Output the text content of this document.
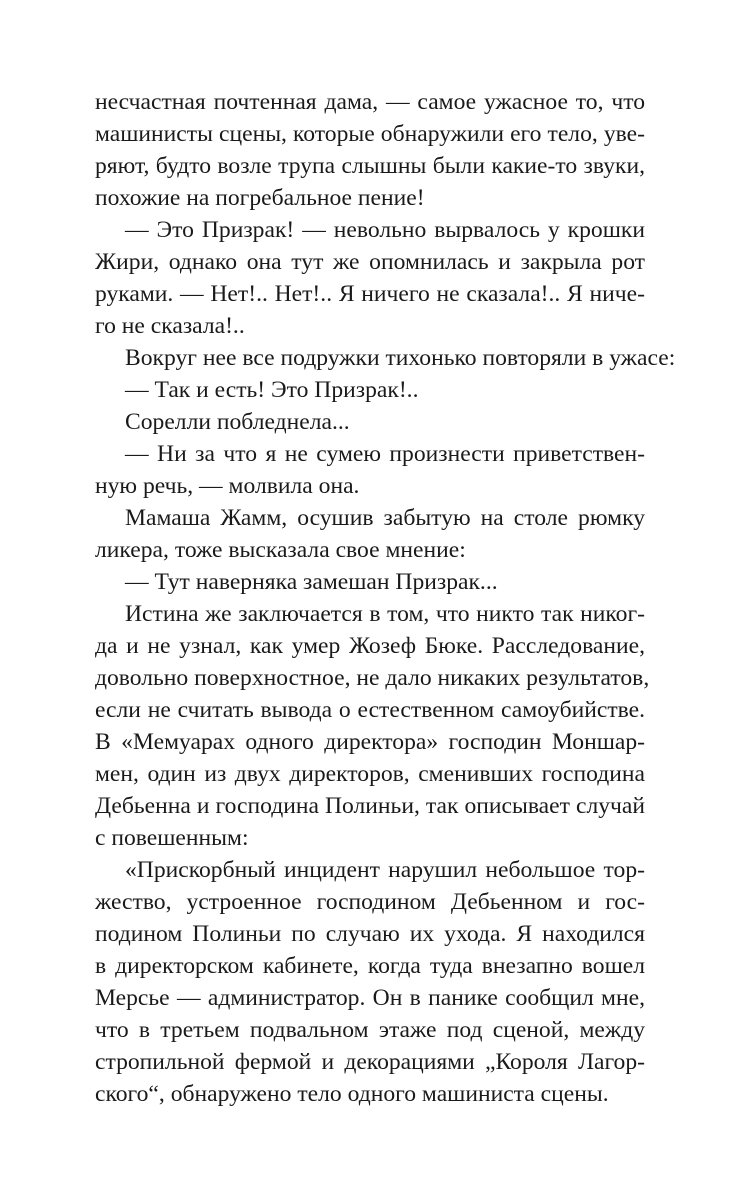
несчастная почтенная дама, — самое ужасное то, что
машинисты сцены, которые обнаружили его тело, уве-
ряют, будто возле трупа слышны были какие-то звуки,
похожие на погребальное пение!
— Это Призрак! — невольно вырвалось у крошки
Жири, однако она тут же опомнилась и закрыла рот
руками. — Нет!.. Нет!.. Я ничего не сказала!.. Я ниче-
го не сказала!..
Вокруг нее все подружки тихонько повторяли в ужасе:
— Так и есть! Это Призрак!..
Сорелли побледнела...
— Ни за что я не сумею произнести приветствен-
ную речь, — молвила она.
Мамаша Жамм, осушив забытую на столе рюмку
ликера, тоже высказала свое мнение:
— Тут наверняка замешан Призрак...
Истина же заключается в том, что никто так никог-
да и не узнал, как умер Жозеф Бюке. Расследование,
довольно поверхностное, не дало никаких результатов,
если не считать вывода о естественном самоубийстве.
В «Мемуарах одного директора» господин Моншар-
мен, один из двух директоров, сменивших господина
Дебьенна и господина Полиньи, так описывает случай
с повешенным:
«Прискорбный инцидент нарушил небольшое тор-
жество, устроенное господином Дебьенном и гос-
подином Полиньи по случаю их ухода. Я находился
в директорском кабинете, когда туда внезапно вошел
Мерсье — администратор. Он в панике сообщил мне,
что в третьем подвальном этаже под сценой, между
стропильной фермой и декорациями „Короля Лагор-
ского“, обнаружено тело одного машиниста сцены.
